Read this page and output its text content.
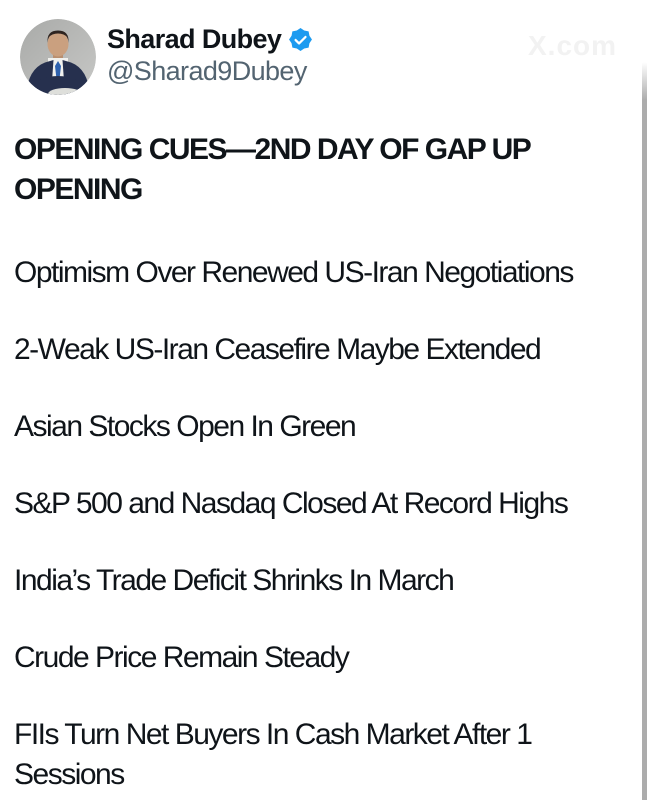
X.com
Sharad Dubey
@Sharad9Dubey

OPENING CUES—2ND DAY OF GAP UP OPENING

Optimism Over Renewed US-Iran Negotiations

2-Weak US-Iran Ceasefire Maybe Extended

Asian Stocks Open In Green

S&P 500 and Nasdaq Closed At Record Highs

India’s Trade Deficit Shrinks In March

Crude Price Remain Steady

FIIs Turn Net Buyers In Cash Market After 1 Sessions
